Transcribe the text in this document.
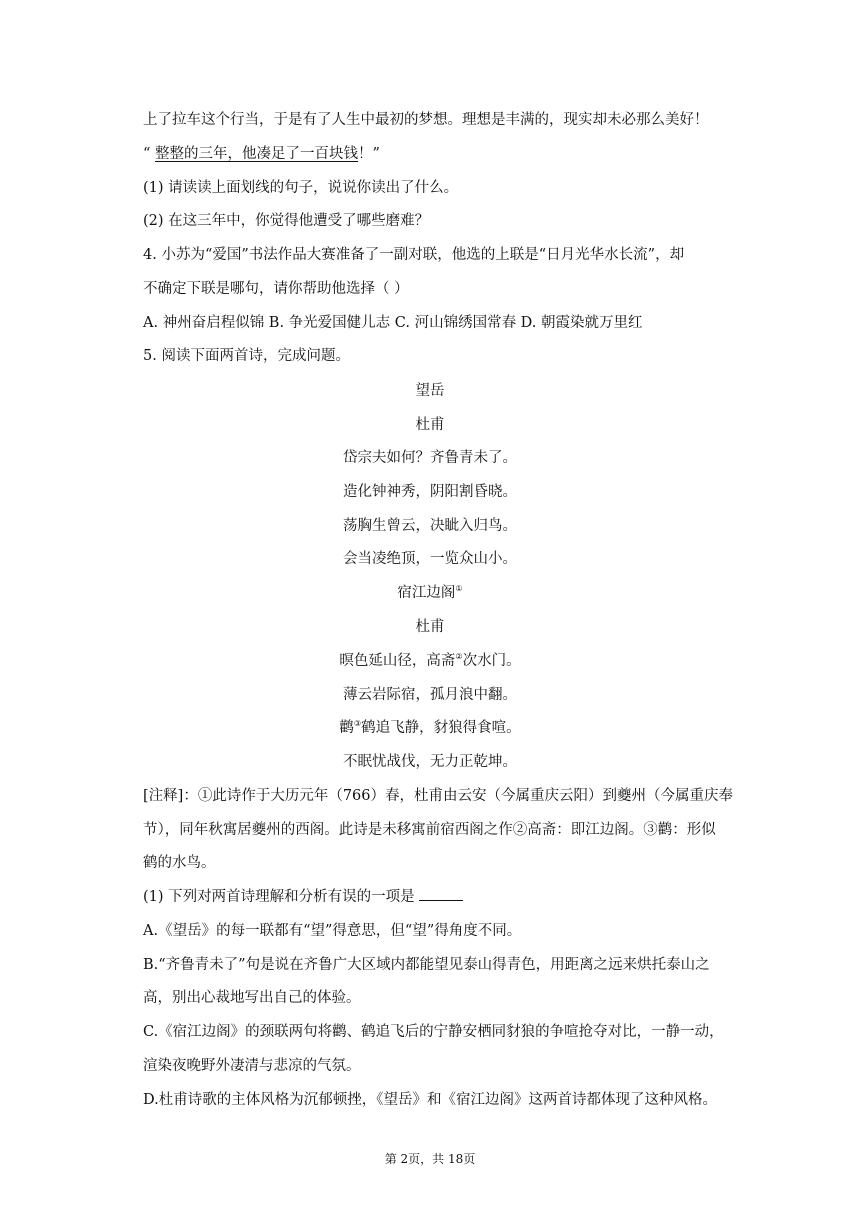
上了拉车这个行当，于是有了人生中最初的梦想。理想是丰满的，现实却未必那么美好！
“ 整整的三年，他凑足了一百块钱！”
(1) 请读读上面划线的句子，说说你读出了什么。
(2) 在这三年中，你觉得他遭受了哪些磨难？
4. 小苏为“爱国”书法作品大赛准备了一副对联，他选的上联是“日月光华水长流”，却
不确定下联是哪句，请你帮助他选择（ ）
A. 神州奋启程似锦 B. 争光爱国健儿志 C. 河山锦绣国常春 D. 朝霞染就万里红
5. 阅读下面两首诗，完成问题。
望岳
杜甫
岱宗夫如何？齐鲁青未了。
造化钟神秀，阴阳割昏晓。
荡胸生曾云，决眦入归鸟。
会当凌绝顶，一览众山小。
宿江边阁①
杜甫
暝色延山径，高斋②次水门。
薄云岩际宿，孤月浪中翻。
鹳③鹤追飞静，豺狼得食喧。
不眠忧战伐，无力正乾坤。
[注释]：①此诗作于大历元年（766）春，杜甫由云安（今属重庆云阳）到夔州（今属重庆奉
节），同年秋寓居夔州的西阁。此诗是未移寓前宿西阁之作②高斋：即江边阁。③鹳：形似
鹤的水鸟。
(1) 下列对两首诗理解和分析有误的一项是
A.《望岳》的每一联都有“望”得意思，但“望”得角度不同。
B.“齐鲁青未了”句是说在齐鲁广大区域内都能望见泰山得青色，用距离之远来烘托泰山之
高，别出心裁地写出自己的体验。
C.《宿江边阁》的颈联两句将鹳、鹤追飞后的宁静安栖同豺狼的争喧抢夺对比，一静一动，
渲染夜晚野外凄清与悲凉的气氛。
D.杜甫诗歌的主体风格为沉郁顿挫，《望岳》和《宿江边阁》这两首诗都体现了这种风格。
第 2页，共 18页
